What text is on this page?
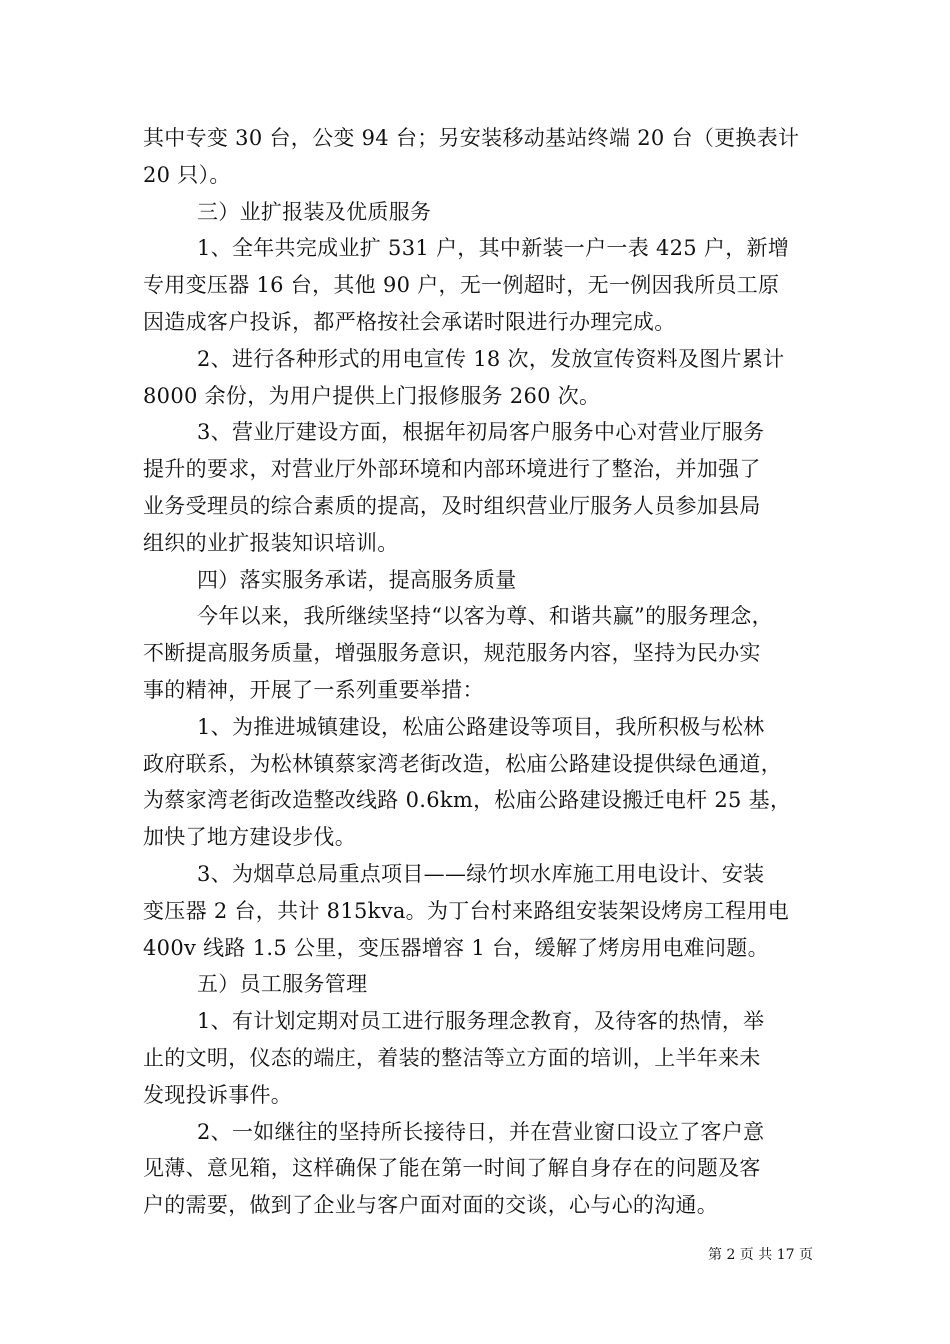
其中专变 30 台，公变 94 台；另安装移动基站终端 20 台（更换表计
20 只）。
三）业扩报装及优质服务
1、全年共完成业扩 531 户，其中新装一户一表 425 户，新增
专用变压器 16 台，其他 90 户，无一例超时，无一例因我所员工原
因造成客户投诉，都严格按社会承诺时限进行办理完成。
2、进行各种形式的用电宣传 18 次，发放宣传资料及图片累计
8000 余份，为用户提供上门报修服务 260 次。
3、营业厅建设方面，根据年初局客户服务中心对营业厅服务
提升的要求，对营业厅外部环境和内部环境进行了整治，并加强了
业务受理员的综合素质的提高，及时组织营业厅服务人员参加县局
组织的业扩报装知识培训。
四）落实服务承诺，提高服务质量
今年以来，我所继续坚持“以客为尊、和谐共赢”的服务理念，
不断提高服务质量，增强服务意识，规范服务内容，坚持为民办实
事的精神，开展了一系列重要举措：
1、为推进城镇建设，松庙公路建设等项目，我所积极与松林
政府联系，为松林镇蔡家湾老街改造，松庙公路建设提供绿色通道，
为蔡家湾老街改造整改线路 0.6km，松庙公路建设搬迁电杆 25 基，
加快了地方建设步伐。
3、为烟草总局重点项目——绿竹坝水库施工用电设计、安装
变压器 2 台，共计 815kva。为丁台村来路组安装架设烤房工程用电
400v 线路 1.5 公里，变压器增容 1 台，缓解了烤房用电难问题。
五）员工服务管理
1、有计划定期对员工进行服务理念教育，及待客的热情，举
止的文明，仪态的端庄，着装的整洁等立方面的培训，上半年来未
发现投诉事件。
2、一如继往的坚持所长接待日，并在营业窗口设立了客户意
见薄、意见箱，这样确保了能在第一时间了解自身存在的问题及客
户的需要，做到了企业与客户面对面的交谈，心与心的沟通。
第 2 页 共 17 页
